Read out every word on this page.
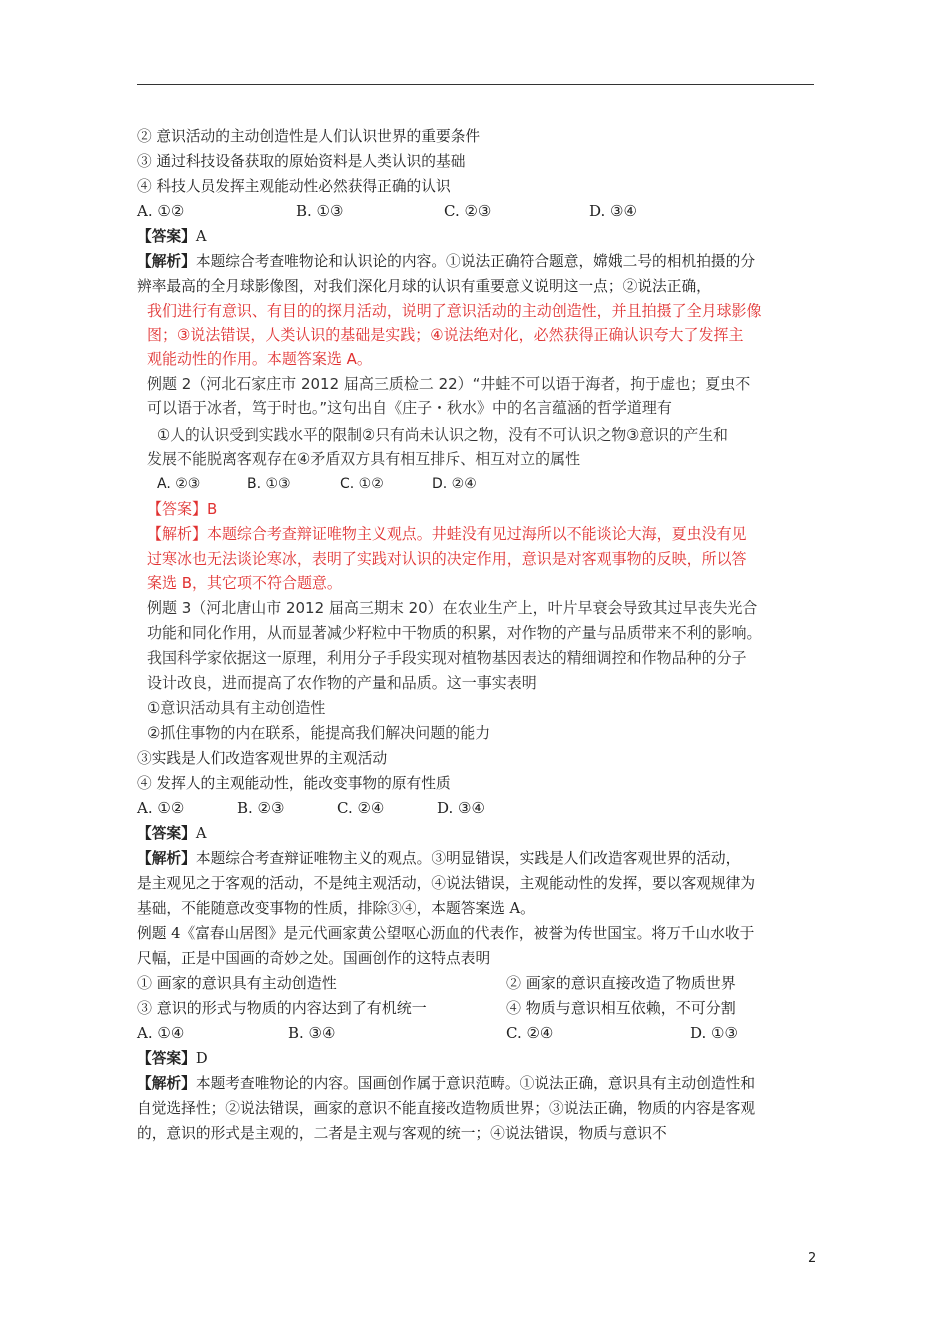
② 意识活动的主动创造性是人们认识世界的重要条件
③ 通过科技设备获取的原始资料是人类认识的基础
④ 科技人员发挥主观能动性必然获得正确的认识
A. ①②	B. ①③	C. ②③	D. ③④
【答案】A
【解析】本题综合考查唯物论和认识论的内容。①说法正确符合题意，嫦娥二号的相机拍摄的分
辨率最高的全月球影像图，对我们深化月球的认识有重要意义说明这一点；②说法正确，
我们进行有意识、有目的的探月活动，说明了意识活动的主动创造性，并且拍摄了全月球影像
图；③说法错误，人类认识的基础是实践；④说法绝对化，必然获得正确认识夸大了发挥主
观能动性的作用。本题答案选 A。
例题 2（河北石家庄市 2012 届高三质检二 22）“井蛙不可以语于海者，拘于虚也；夏虫不
可以语于冰者，笃于时也。”这句出自《庄子・秋水》中的名言蕴涵的哲学道理有
①人的认识受到实践水平的限制②只有尚未认识之物，没有不可认识之物③意识的产生和
发展不能脱离客观存在④矛盾双方具有相互排斥、相互对立的属性
A. ②③	B. ①③	C. ①②	D. ②④
【答案】B
【解析】本题综合考查辩证唯物主义观点。井蛙没有见过海所以不能谈论大海，夏虫没有见
过寒冰也无法谈论寒冰，表明了实践对认识的决定作用，意识是对客观事物的反映，所以答
案选 B，其它项不符合题意。
例题 3（河北唐山市 2012 届高三期末 20）在农业生产上，叶片早衰会导致其过早丧失光合
功能和同化作用，从而显著减少籽粒中干物质的积累，对作物的产量与品质带来不利的影响。
我国科学家依据这一原理，利用分子手段实现对植物基因表达的精细调控和作物品种的分子
设计改良，进而提高了农作物的产量和品质。这一事实表明
①意识活动具有主动创造性
②抓住事物的内在联系，能提高我们解决问题的能力
③实践是人们改造客观世界的主观活动
④ 发挥人的主观能动性，能改变事物的原有性质
A. ①②	B. ②③	C. ②④	D. ③④
【答案】A
【解析】本题综合考查辩证唯物主义的观点。③明显错误，实践是人们改造客观世界的活动，
是主观见之于客观的活动，不是纯主观活动，④说法错误，主观能动性的发挥，要以客观规律为
基础，不能随意改变事物的性质，排除③④，本题答案选 A。
例题 4《富春山居图》是元代画家黄公望呕心沥血的代表作，被誉为传世国宝。将万千山水收于
尺幅，正是中国画的奇妙之处。国画创作的这特点表明
① 画家的意识具有主动创造性	② 画家的意识直接改造了物质世界
③ 意识的形式与物质的内容达到了有机统一	④ 物质与意识相互依赖，不可分割
A. ①④	B. ③④	C. ②④	D. ①③
【答案】D
【解析】本题考查唯物论的内容。国画创作属于意识范畴。①说法正确，意识具有主动创造性和
自觉选择性；②说法错误，画家的意识不能直接改造物质世界；③说法正确，物质的内容是客观
的，意识的形式是主观的，二者是主观与客观的统一；④说法错误，物质与意识不
2
